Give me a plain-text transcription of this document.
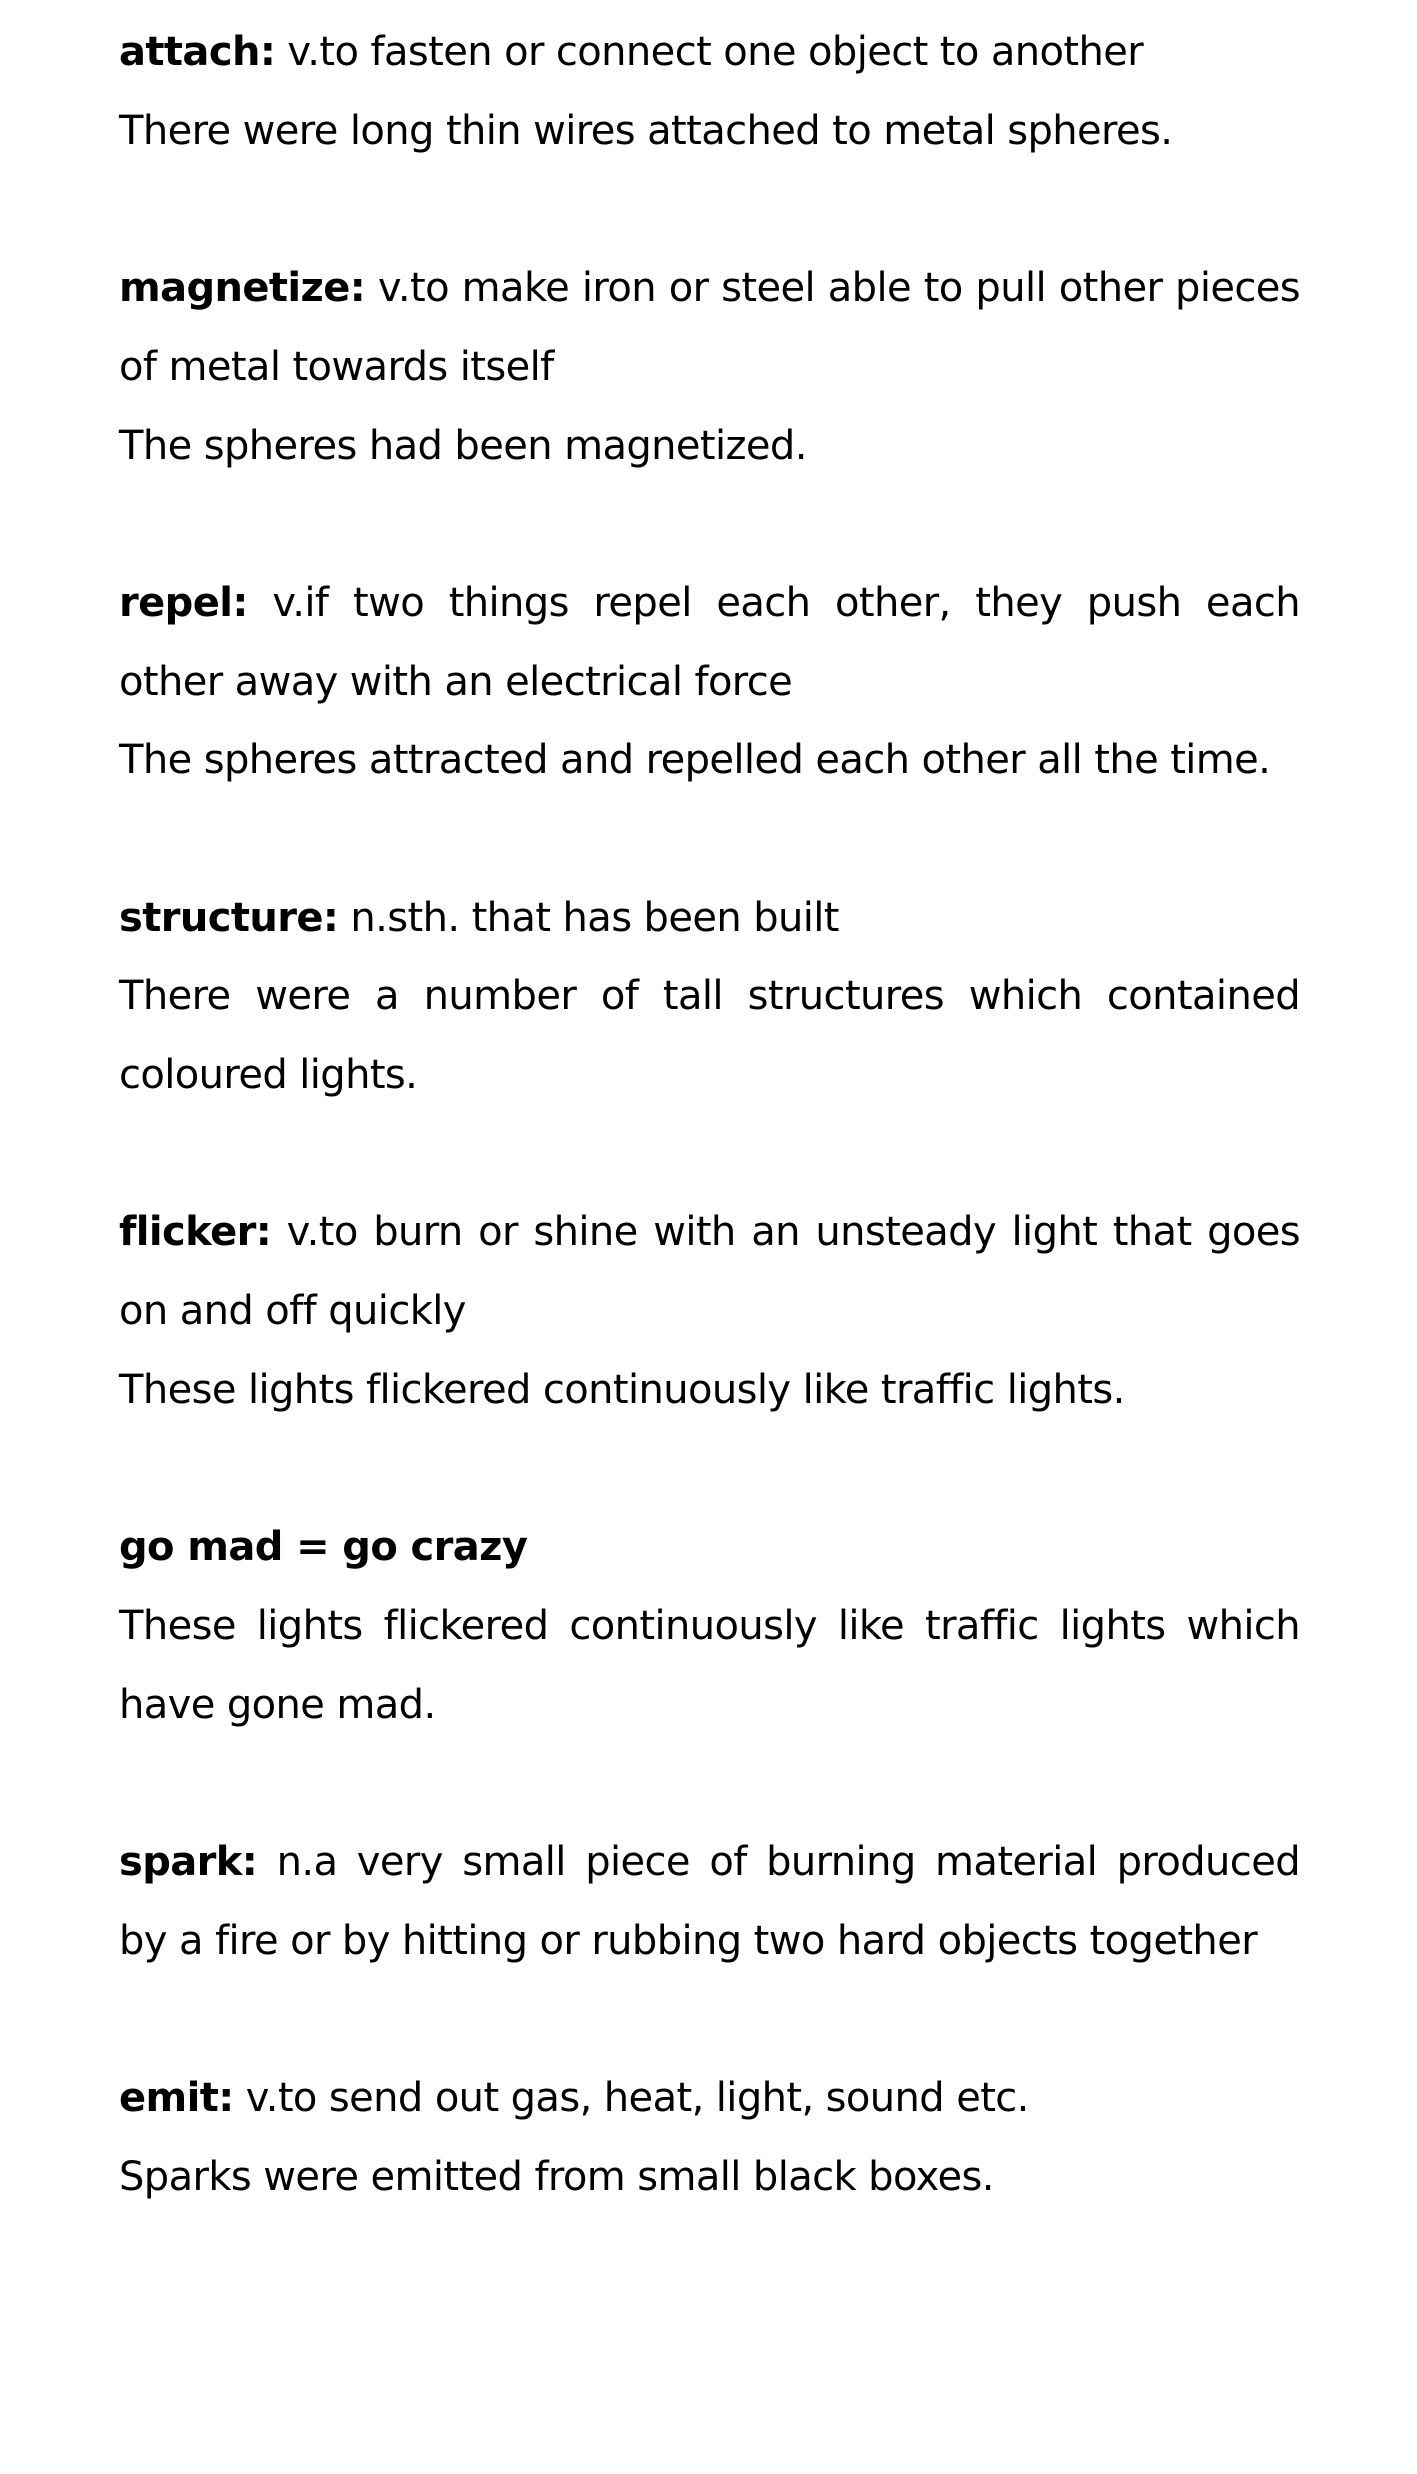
attach: v.to fasten or connect one object to another

There were long thin wires attached to metal spheres.

magnetize: v.to make iron or steel able to pull other pieces of metal towards itself

The spheres had been magnetized.

repel: v.if two things repel each other, they push each other away with an electrical force

The spheres attracted and repelled each other all the time.

structure: n.sth. that has been built

There were a number of tall structures which contained coloured lights.

flicker: v.to burn or shine with an unsteady light that goes on and off quickly

These lights flickered continuously like traffic lights.

go mad = go crazy

These lights flickered continuously like traffic lights which have gone mad.

spark: n.a very small piece of burning material produced by a fire or by hitting or rubbing two hard objects together

emit: v.to send out gas, heat, light, sound etc.

Sparks were emitted from small black boxes.
